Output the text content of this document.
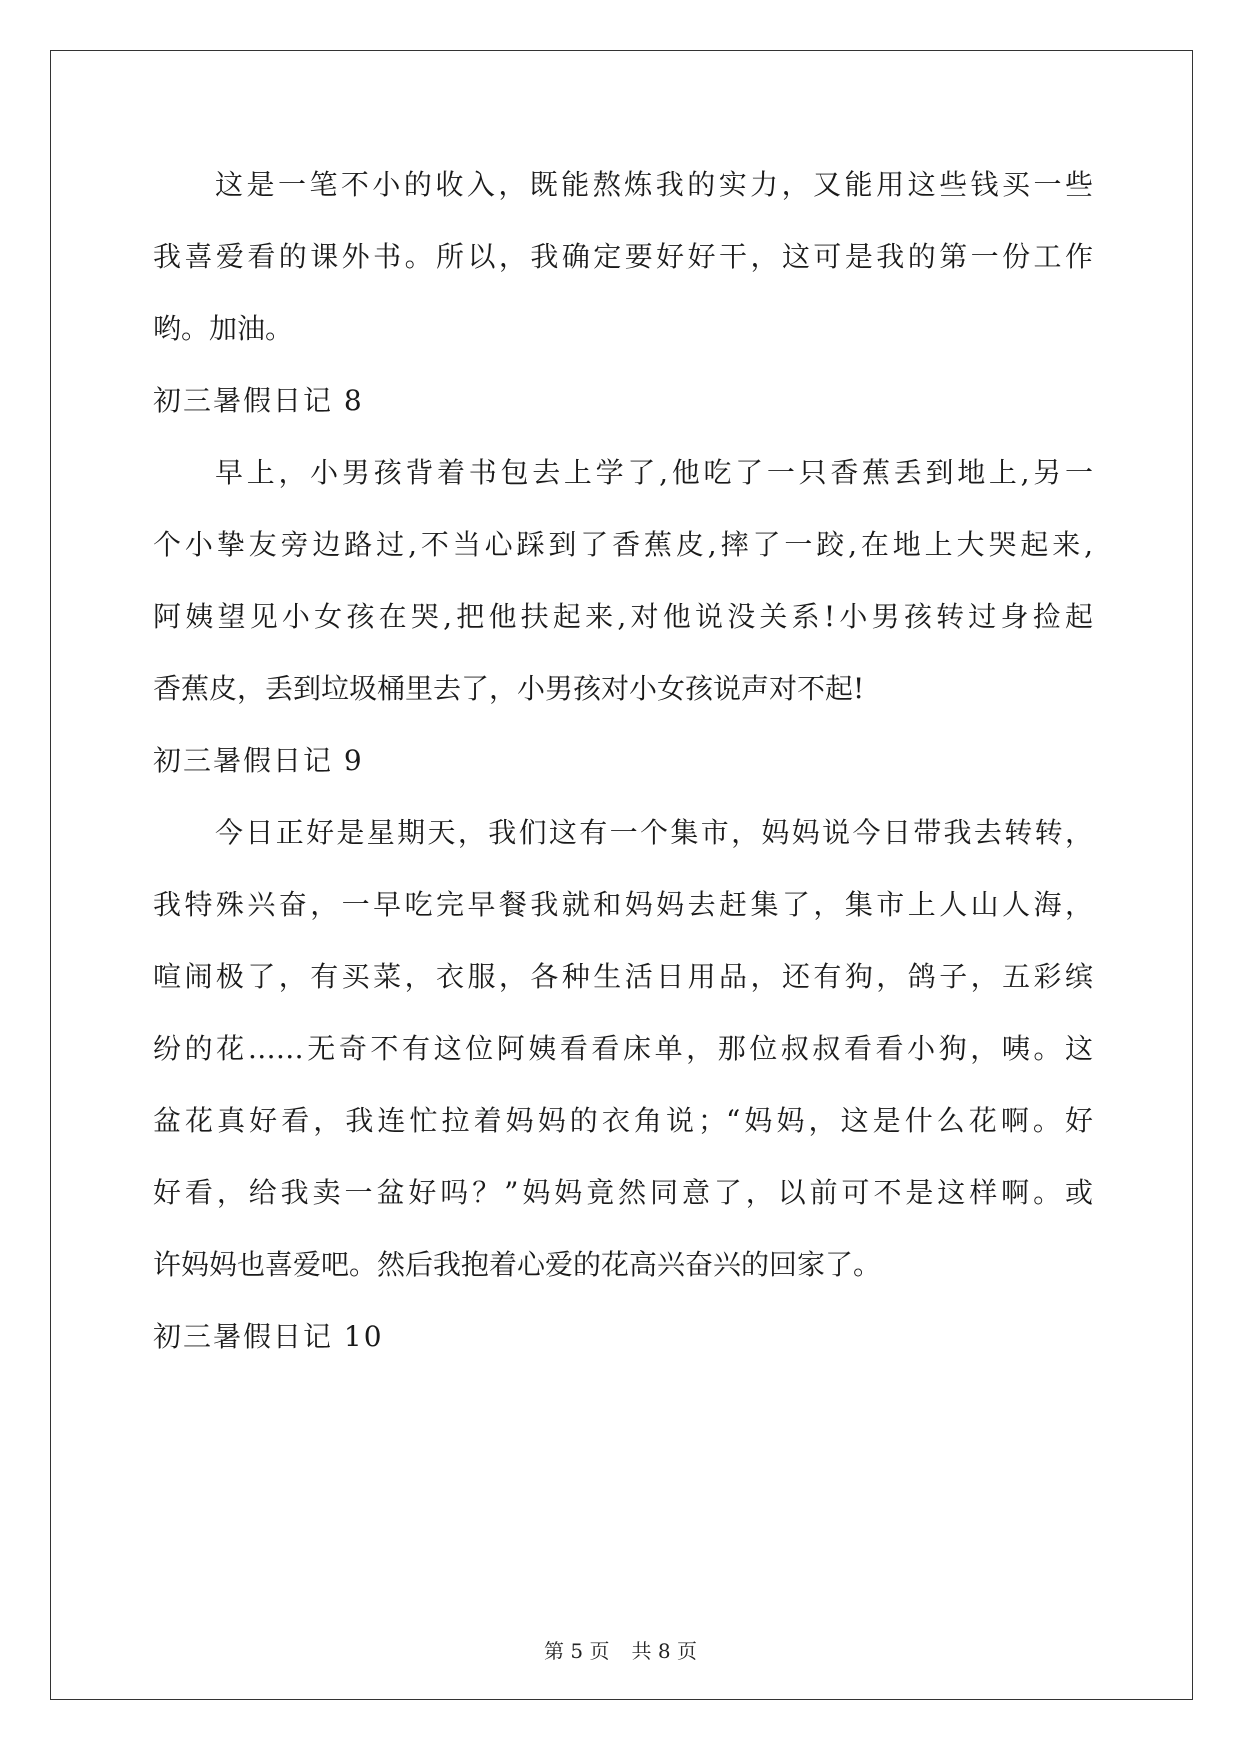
这是一笔不小的收入，既能熬炼我的实力，又能用这些钱买一些
我喜爱看的课外书。所以，我确定要好好干，这可是我的第一份工作
哟。加油。
初三暑假日记 8
早上，小男孩背着书包去上学了,他吃了一只香蕉丢到地上,另一
个小挚友旁边路过,不当心踩到了香蕉皮,摔了一跤,在地上大哭起来,
阿姨望见小女孩在哭,把他扶起来,对他说没关系!小男孩转过身捡起
香蕉皮，丢到垃圾桶里去了，小男孩对小女孩说声对不起!
初三暑假日记 9
今日正好是星期天，我们这有一个集市，妈妈说今日带我去转转，
我特殊兴奋，一早吃完早餐我就和妈妈去赶集了，集市上人山人海，
喧闹极了，有买菜，衣服，各种生活日用品，还有狗，鸽子，五彩缤
纷的花……无奇不有这位阿姨看看床单，那位叔叔看看小狗，咦。这
盆花真好看，我连忙拉着妈妈的衣角说；“妈妈，这是什么花啊。好
好看，给我卖一盆好吗？”妈妈竟然同意了，以前可不是这样啊。或
许妈妈也喜爱吧。然后我抱着心爱的花高兴奋兴的回家了。
初三暑假日记 10
第 5 页 共 8 页
